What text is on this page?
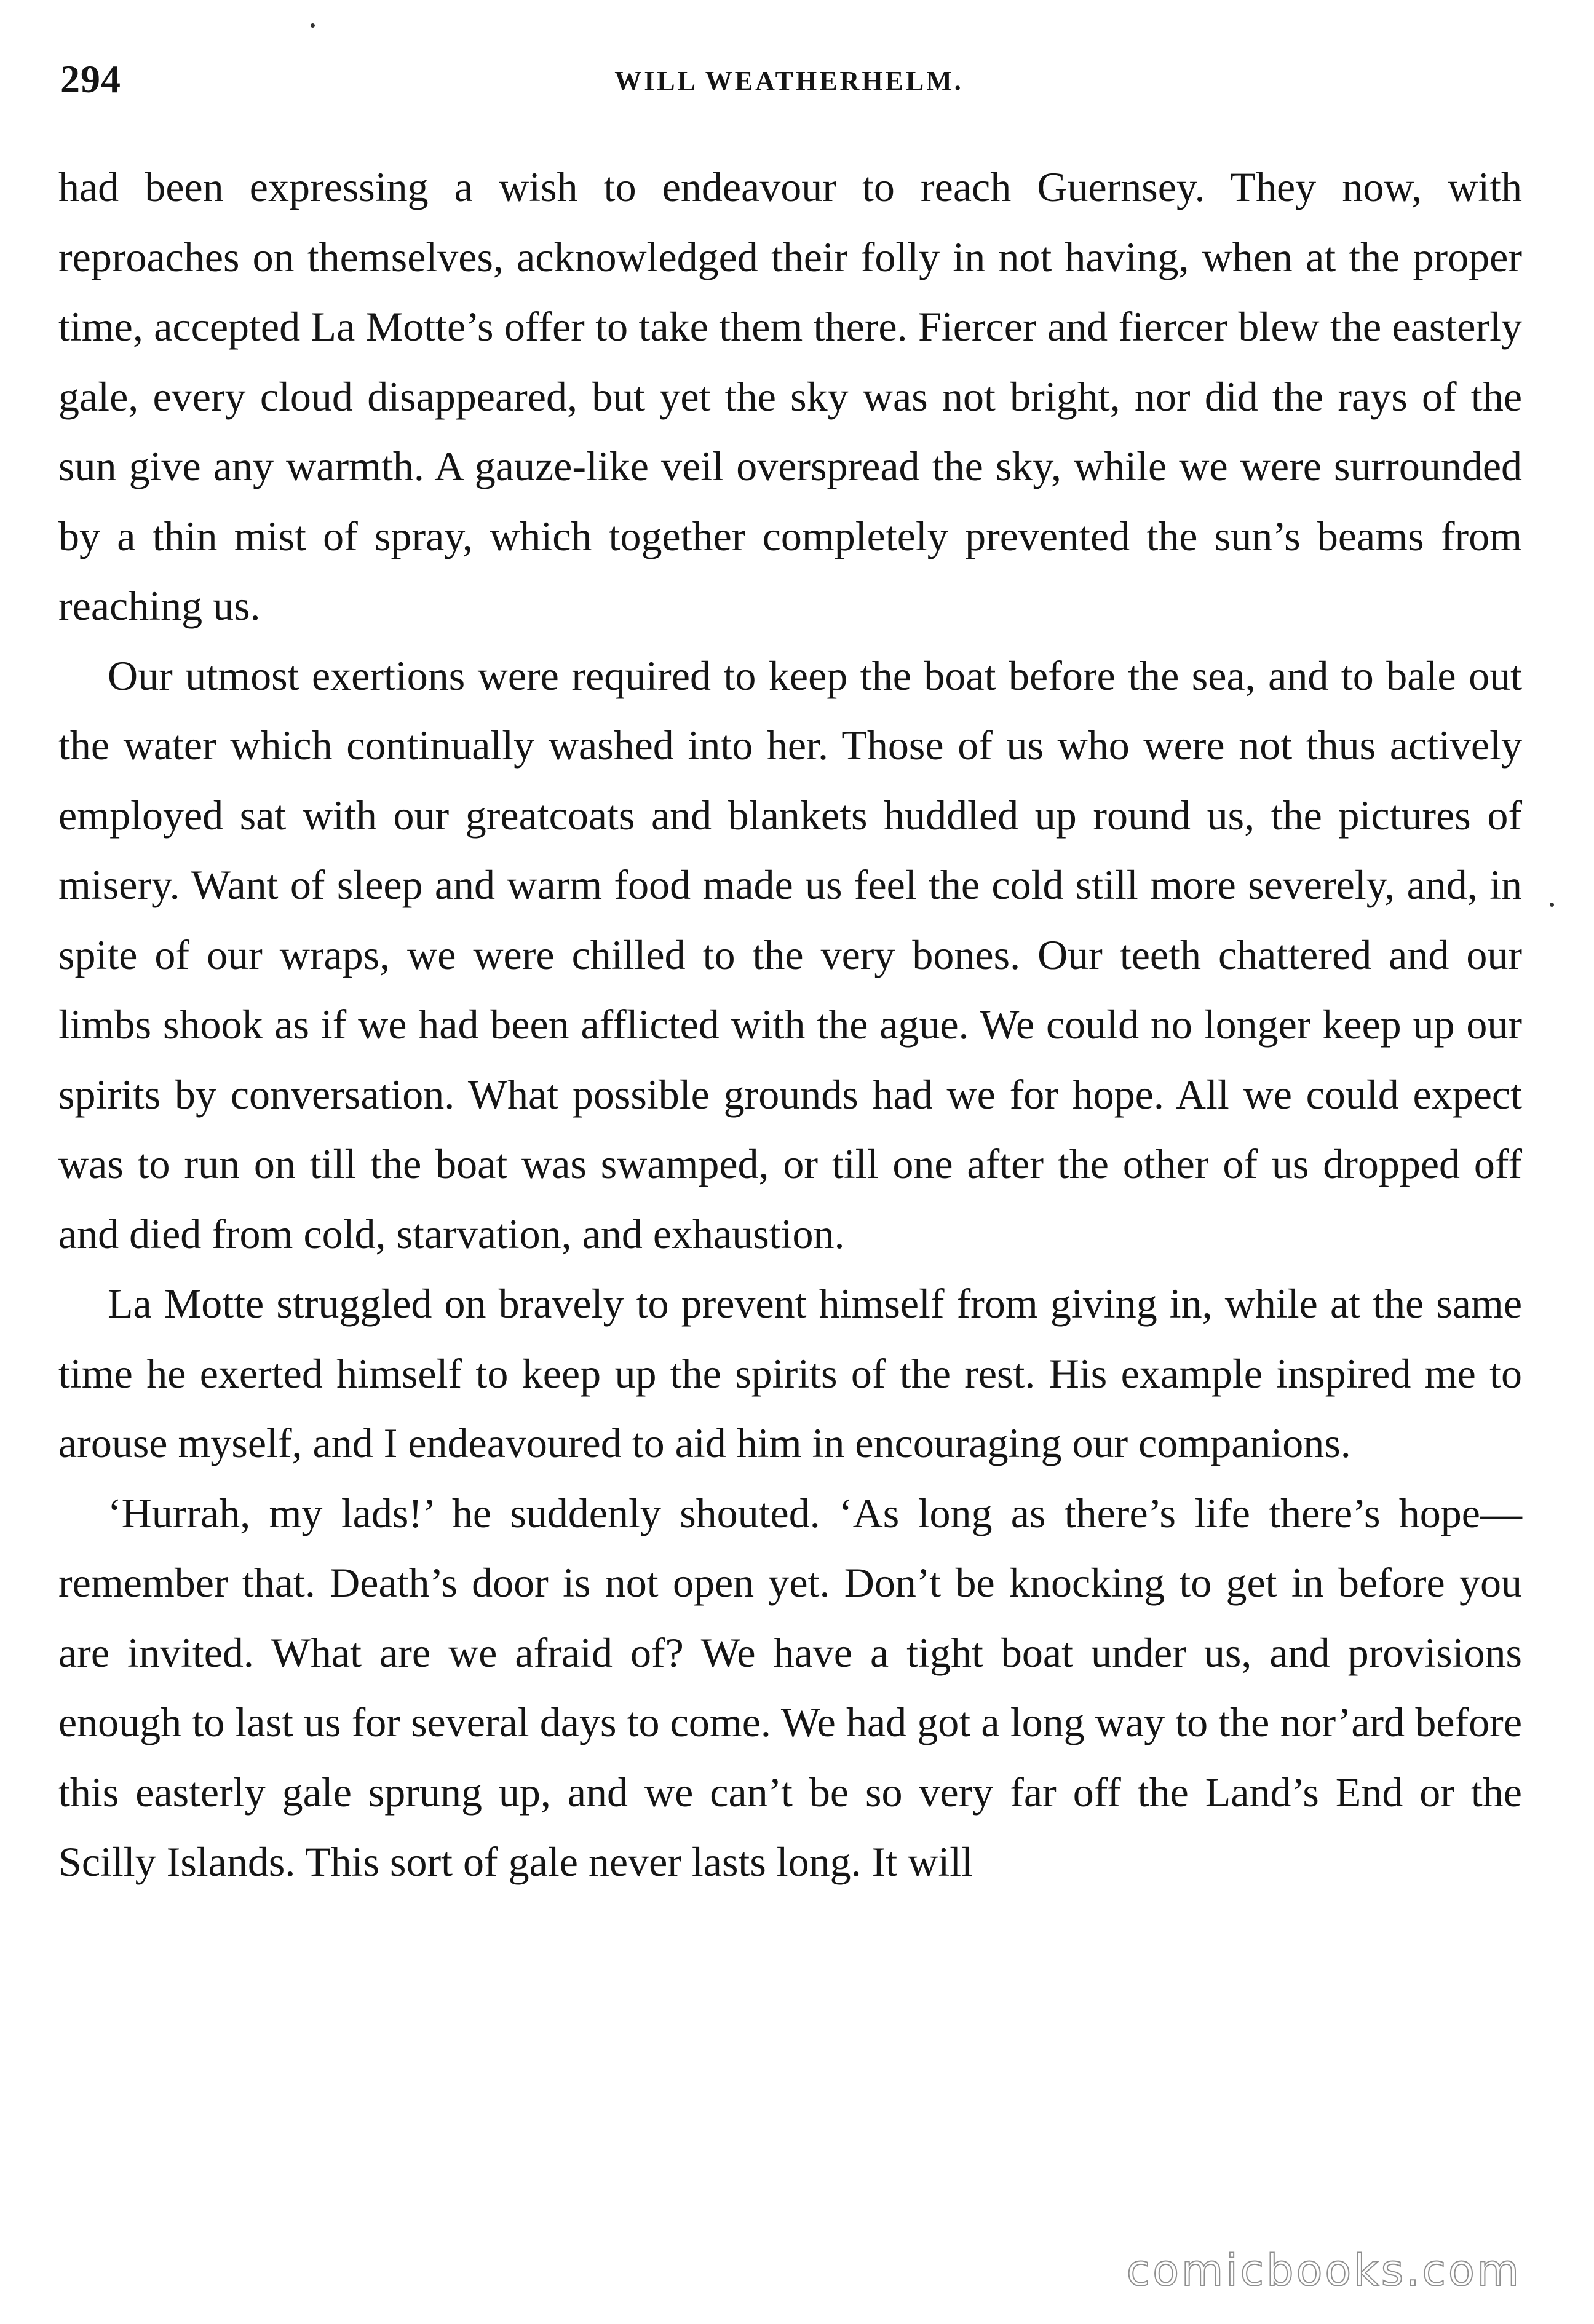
294	WILL WEATHERHELM.

had been expressing a wish to endeavour to reach Guernsey. They now, with reproaches on themselves, acknowledged their folly in not having, when at the proper time, accepted La Motte’s offer to take them there. Fiercer and fiercer blew the easterly gale, every cloud disappeared, but yet the sky was not bright, nor did the rays of the sun give any warmth. A gauze-like veil overspread the sky, while we were surrounded by a thin mist of spray, which together completely prevented the sun’s beams from reaching us.

Our utmost exertions were required to keep the boat before the sea, and to bale out the water which continually washed into her. Those of us who were not thus actively employed sat with our greatcoats and blankets huddled up round us, the pictures of misery. Want of sleep and warm food made us feel the cold still more severely, and, in spite of our wraps, we were chilled to the very bones. Our teeth chattered and our limbs shook as if we had been afflicted with the ague. We could no longer keep up our spirits by conversation. What possible grounds had we for hope. All we could expect was to run on till the boat was swamped, or till one after the other of us dropped off and died from cold, starvation, and exhaustion.

La Motte struggled on bravely to prevent himself from giving in, while at the same time he exerted himself to keep up the spirits of the rest. His example inspired me to arouse myself, and I endeavoured to aid him in encouraging our companions.

‘Hurrah, my lads!’ he suddenly shouted. ‘As long as there’s life there’s hope—remember that. Death’s door is not open yet. Don’t be knocking to get in before you are invited. What are we afraid of? We have a tight boat under us, and provisions enough to last us for several days to come. We had got a long way to the nor’ard before this easterly gale sprung up, and we can’t be so very far off the Land’s End or the Scilly Islands. This sort of gale never lasts long. It will

comicbooks.com
